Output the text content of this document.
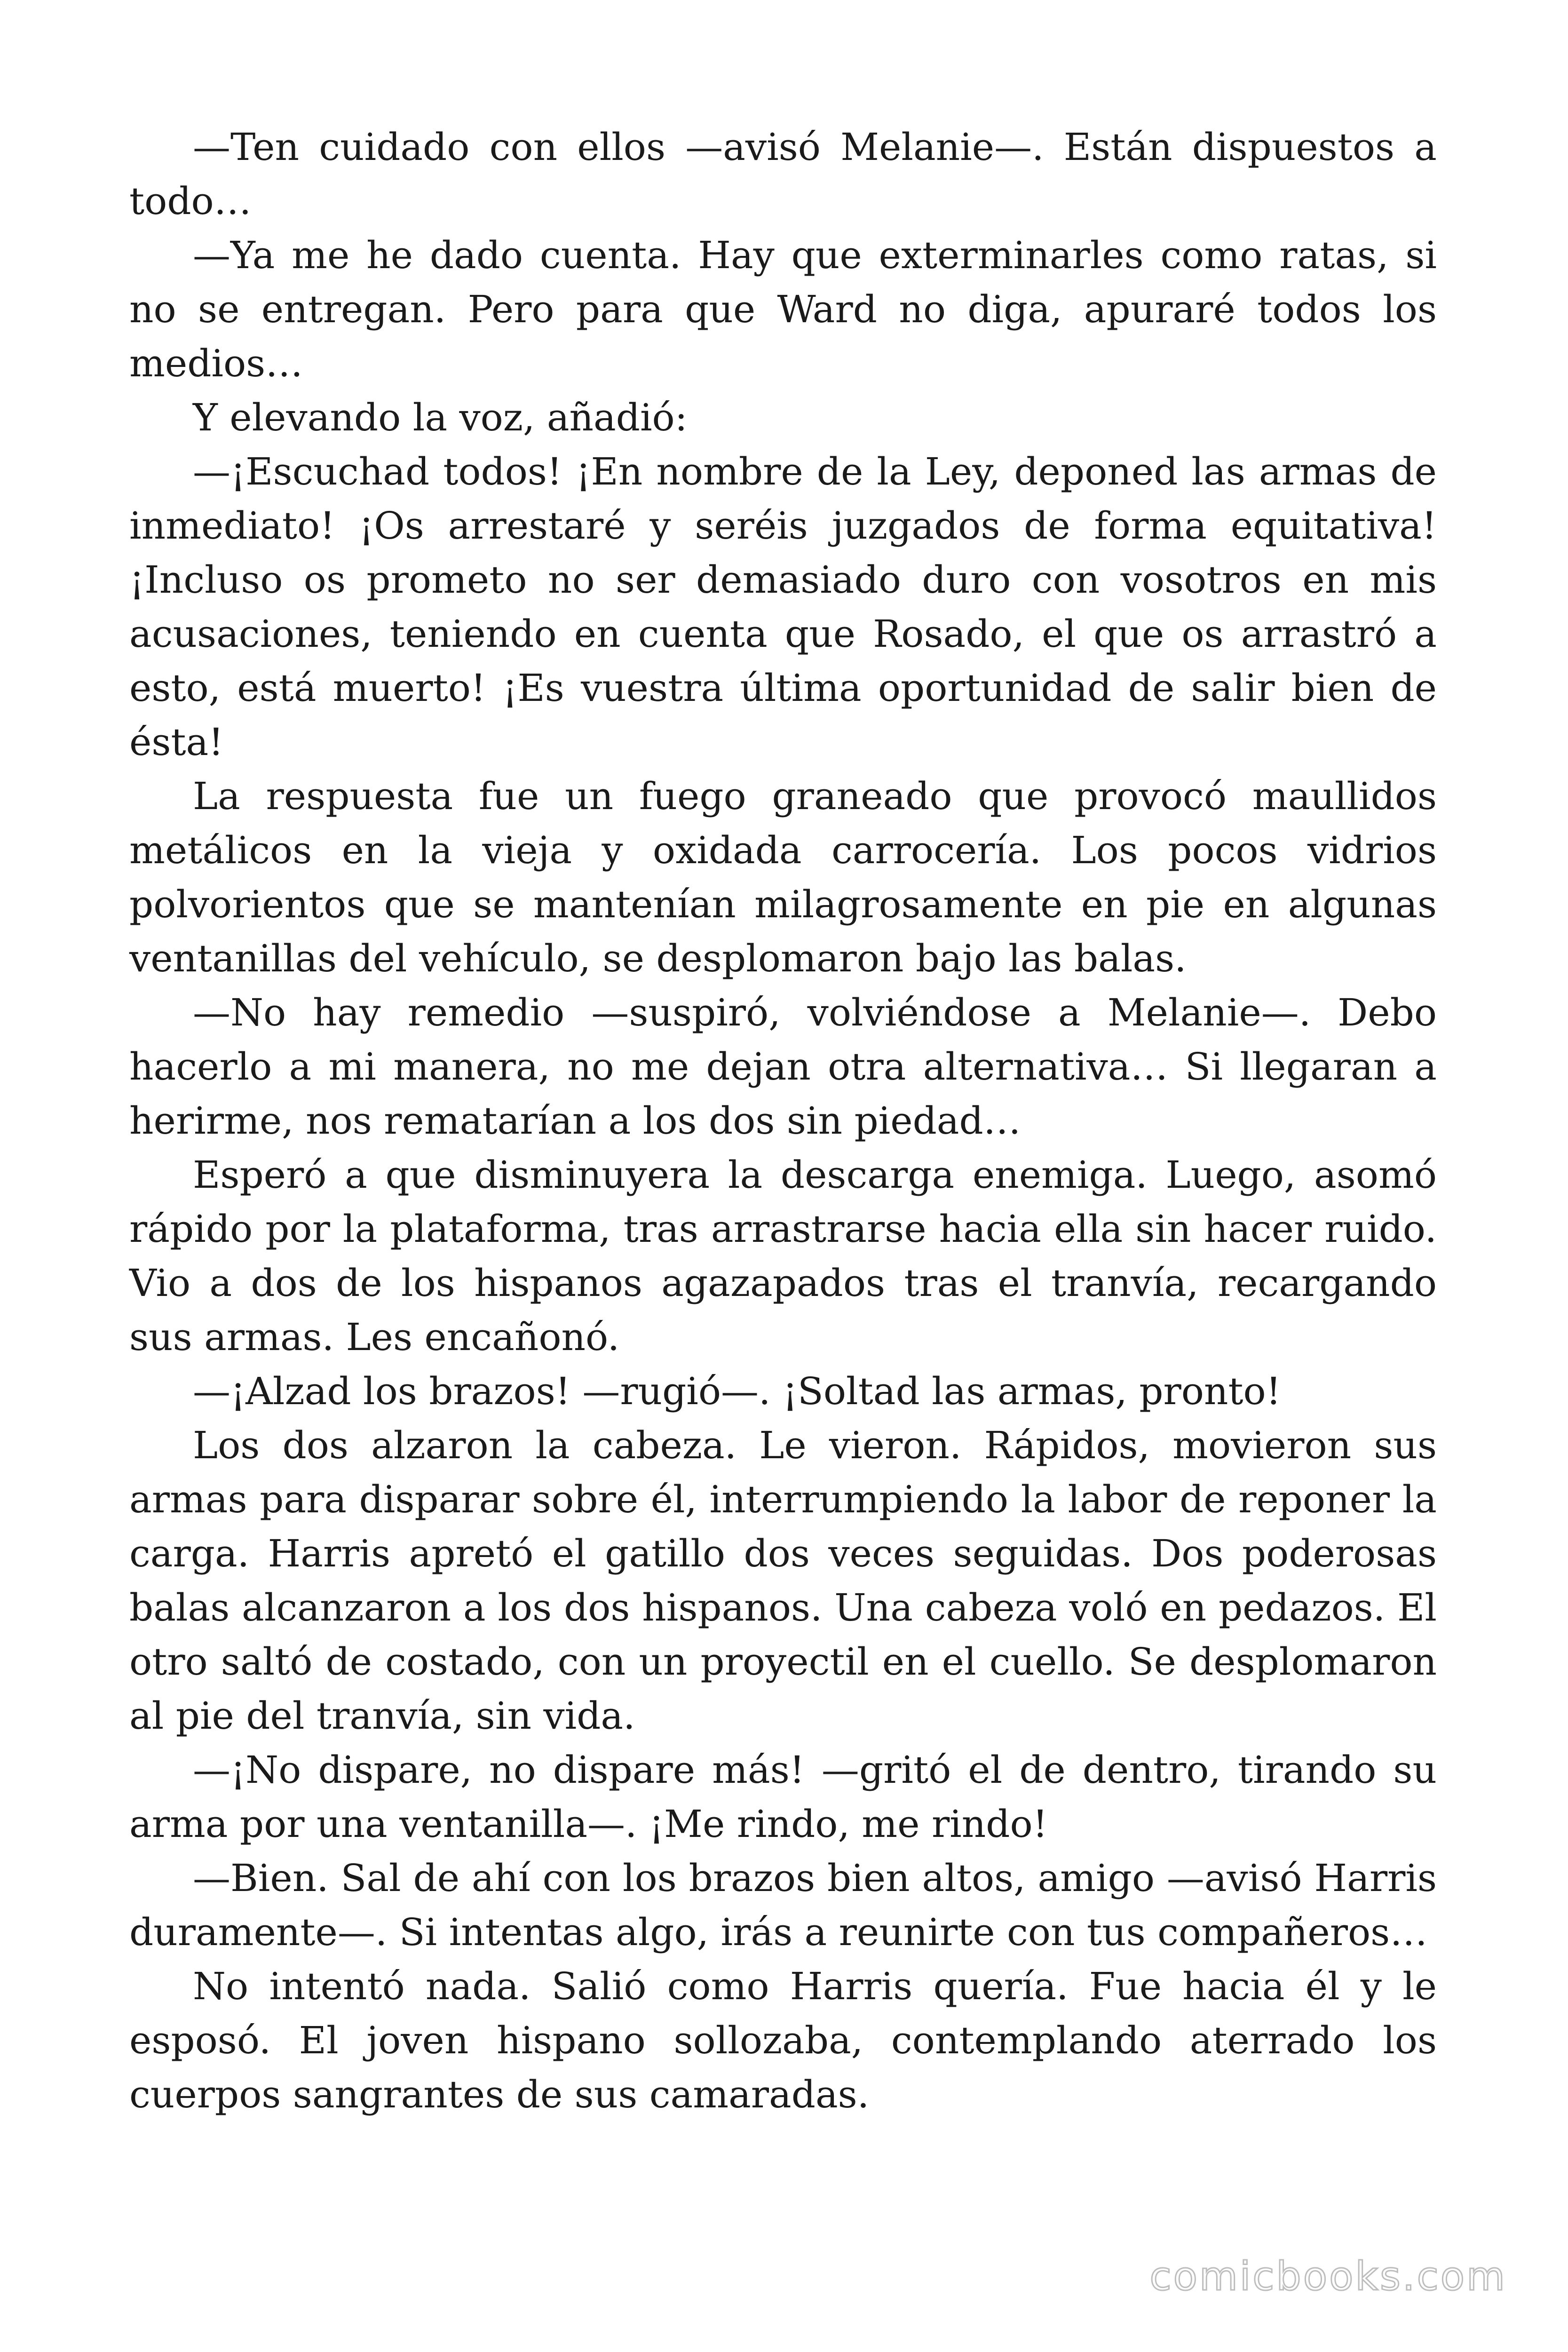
—Ten cuidado con ellos —avisó Melanie—. Están dispuestos a todo…

—Ya me he dado cuenta. Hay que exterminarles como ratas, si no se entregan. Pero para que Ward no diga, apuraré todos los medios…

Y elevando la voz, añadió:

—¡Escuchad todos! ¡En nombre de la Ley, deponed las armas de inmediato! ¡Os arrestaré y seréis juzgados de forma equitativa! ¡Incluso os prometo no ser demasiado duro con vosotros en mis acusaciones, teniendo en cuenta que Rosado, el que os arrastró a esto, está muerto! ¡Es vuestra última oportunidad de salir bien de ésta!

La respuesta fue un fuego graneado que provocó maullidos metálicos en la vieja y oxidada carrocería. Los pocos vidrios polvorientos que se mantenían milagrosamente en pie en algunas ventanillas del vehículo, se desplomaron bajo las balas.

—No hay remedio —suspiró, volviéndose a Melanie—. Debo hacerlo a mi manera, no me dejan otra alternativa… Si llegaran a herirme, nos rematarían a los dos sin piedad…

Esperó a que disminuyera la descarga enemiga. Luego, asomó rápido por la plataforma, tras arrastrarse hacia ella sin hacer ruido. Vio a dos de los hispanos agazapados tras el tranvía, recargando sus armas. Les encañonó.

—¡Alzad los brazos! —rugió—. ¡Soltad las armas, pronto!

Los dos alzaron la cabeza. Le vieron. Rápidos, movieron sus armas para disparar sobre él, interrumpiendo la labor de reponer la carga. Harris apretó el gatillo dos veces seguidas. Dos poderosas balas alcanzaron a los dos hispanos. Una cabeza voló en pedazos. El otro saltó de costado, con un proyectil en el cuello. Se desplomaron al pie del tranvía, sin vida.

—¡No dispare, no dispare más! —gritó el de dentro, tirando su arma por una ventanilla—. ¡Me rindo, me rindo!

—Bien. Sal de ahí con los brazos bien altos, amigo —avisó Harris duramente—. Si intentas algo, irás a reunirte con tus compañeros…

No intentó nada. Salió como Harris quería. Fue hacia él y le esposó. El joven hispano sollozaba, contemplando aterrado los cuerpos sangrantes de sus camaradas.

comicbooks.com
